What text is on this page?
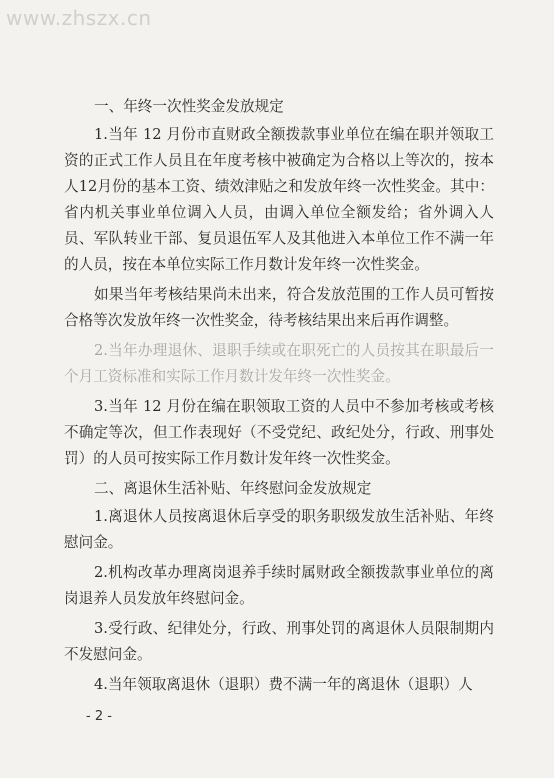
www.zhszx.cn

一、年终一次性奖金发放规定

1.当年 12 月份市直财政全额拨款事业单位在编在职并领取工资的正式工作人员且在年度考核中被确定为合格以上等次的，按本人12月份的基本工资、绩效津贴之和发放年终一次性奖金。其中：省内机关事业单位调入人员，由调入单位全额发给；省外调入人员、军队转业干部、复员退伍军人及其他进入本单位工作不满一年的人员，按在本单位实际工作月数计发年终一次性奖金。

如果当年考核结果尚未出来，符合发放范围的工作人员可暂按合格等次发放年终一次性奖金，待考核结果出来后再作调整。

2.当年办理退休、退职手续或在职死亡的人员按其在职最后一个月工资标准和实际工作月数计发年终一次性奖金。

3.当年 12 月份在编在职领取工资的人员中不参加考核或考核不确定等次，但工作表现好（不受党纪、政纪处分，行政、刑事处罚）的人员可按实际工作月数计发年终一次性奖金。

二、离退休生活补贴、年终慰问金发放规定

1.离退休人员按离退休后享受的职务职级发放生活补贴、年终慰问金。

2.机构改革办理离岗退养手续时属财政全额拨款事业单位的离岗退养人员发放年终慰问金。

3.受行政、纪律处分，行政、刑事处罚的离退休人员限制期内不发慰问金。

4.当年领取离退休（退职）费不满一年的离退休（退职）人

- 2 -
